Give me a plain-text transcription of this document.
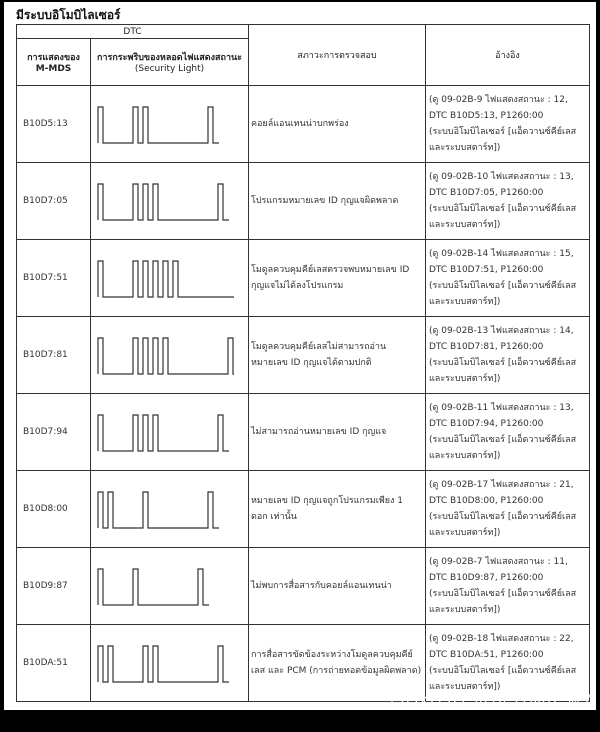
มีระบบอิโมบิไลเซอร์
DTC		สภาวะการตรวจสอบ	อ้างอิง
การแสดงของ M-MDS	การกระพริบของหลอดไฟแสดงสถานะ
(Security Light)		

B10D5:13		คอยล์แอนเทนน่าบกพร่อง	(ดู 09-02B-9 ไฟแสดงสถานะ : 12,
DTC B10D5:13, P1260:00
(ระบบอิโมบิไลเซอร์ [แอ็ดวานซ์คีย์เลส
และระบบสตาร์ท])
B10D7:05		โปรแกรมหมายเลข ID กุญแจผิดพลาด	(ดู 09-02B-10 ไฟแสดงสถานะ : 13,
DTC B10D7:05, P1260:00
(ระบบอิโมบิไลเซอร์ [แอ็ดวานซ์คีย์เลส
และระบบสตาร์ท])
B10D7:51		โมดูลควบคุมคีย์เลสตรวจพบหมายเลข ID กุญแจไม่ได้ลงโปรแกรม	(ดู 09-02B-14 ไฟแสดงสถานะ : 15,
DTC B10D7:51, P1260:00
(ระบบอิโมบิไลเซอร์ [แอ็ดวานซ์คีย์เลส
และระบบสตาร์ท])
B10D7:81		โมดูลควบคุมคีย์เลสไม่สามารถอ่านหมายเลข ID กุญแจได้ตามปกติ	(ดู 09-02B-13 ไฟแสดงสถานะ : 14,
DTC B10D7:81, P1260:00
(ระบบอิโมบิไลเซอร์ [แอ็ดวานซ์คีย์เลส
และระบบสตาร์ท])
B10D7:94		ไม่สามารถอ่านหมายเลข ID กุญแจ	(ดู 09-02B-11 ไฟแสดงสถานะ : 13,
DTC B10D7:94, P1260:00
(ระบบอิโมบิไลเซอร์ [แอ็ดวานซ์คีย์เลส
และระบบสตาร์ท])
B10D8:00		หมายเลข ID กุญแจถูกโปรแกรมเพียง 1 ดอก เท่านั้น	(ดู 09-02B-17 ไฟแสดงสถานะ : 21,
DTC B10D8:00, P1260:00
(ระบบอิโมบิไลเซอร์ [แอ็ดวานซ์คีย์เลส
และระบบสตาร์ท])
B10D9:87		ไม่พบการสื่อสารกับคอยล์แอนเทนน่า	(ดู 09-02B-7 ไฟแสดงสถานะ : 11,
DTC B10D9:87, P1260:00
(ระบบอิโมบิไลเซอร์ [แอ็ดวานซ์คีย์เลส
และระบบสตาร์ท])
B10DA:51		การสื่อสารขัดข้องระหว่างโมดูลควบคุมคีย์เลส และ PCM (การถ่ายทอดข้อมูลผิดพลาด)	(ดู 09-02B-18 ไฟแสดงสถานะ : 22,
DTC B10DA:51, P1260:00
(ระบบอิโมบิไลเซอร์ [แอ็ดวานซ์คีย์เลส
และระบบสตาร์ท])
[971x1157] http://upic.me/
